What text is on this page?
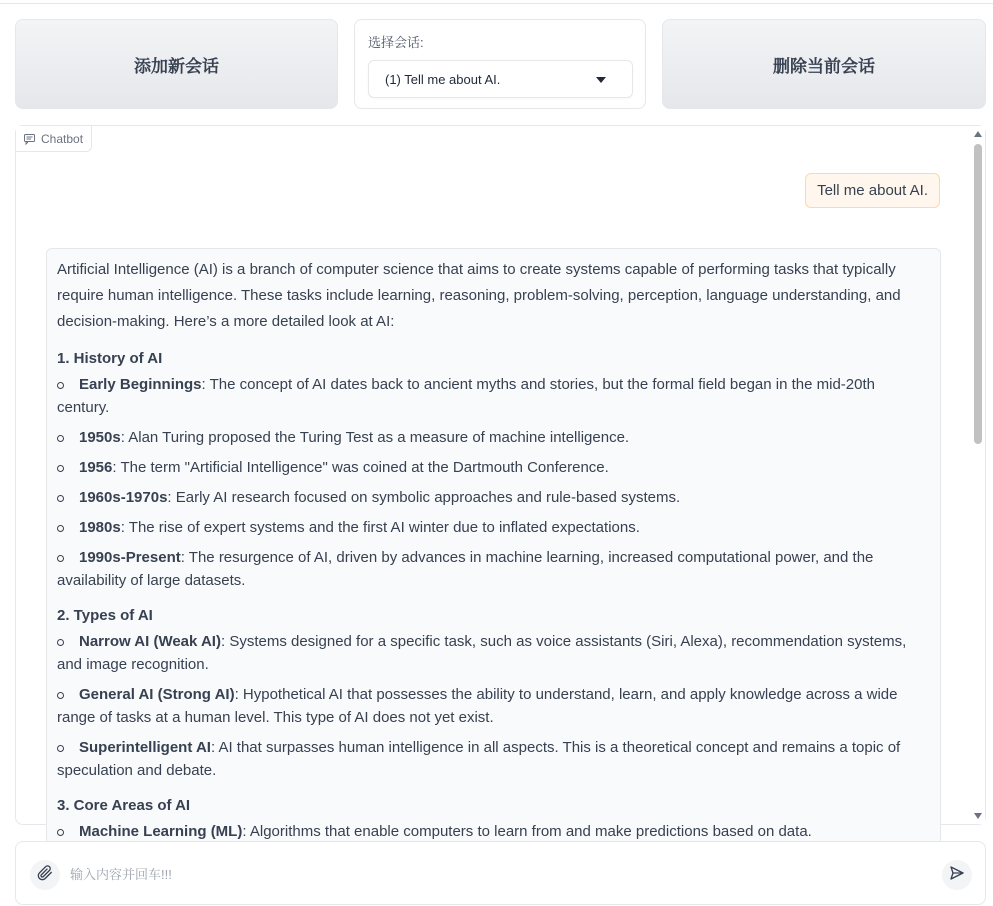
添加新会话
选择会话:
(1) Tell me about AI.
删除当前会话
Chatbot
Tell me about AI.

Artificial Intelligence (AI) is a branch of computer science that aims to create systems capable of performing tasks that typically require human intelligence. These tasks include learning, reasoning, problem-solving, perception, language understanding, and decision-making. Here’s a more detailed look at AI:

1. History of AI
Early Beginnings: The concept of AI dates back to ancient myths and stories, but the formal field began in the mid-20th century.
1950s: Alan Turing proposed the Turing Test as a measure of machine intelligence.
1956: The term "Artificial Intelligence" was coined at the Dartmouth Conference.
1960s-1970s: Early AI research focused on symbolic approaches and rule-based systems.
1980s: The rise of expert systems and the first AI winter due to inflated expectations.
1990s-Present: The resurgence of AI, driven by advances in machine learning, increased computational power, and the availability of large datasets.
2. Types of AI
Narrow AI (Weak AI): Systems designed for a specific task, such as voice assistants (Siri, Alexa), recommendation systems, and image recognition.
General AI (Strong AI): Hypothetical AI that possesses the ability to understand, learn, and apply knowledge across a wide range of tasks at a human level. This type of AI does not yet exist.
Superintelligent AI: AI that surpasses human intelligence in all aspects. This is a theoretical concept and remains a topic of speculation and debate.
3. Core Areas of AI
Machine Learning (ML): Algorithms that enable computers to learn from and make predictions based on data.
输入内容并回车!!!
